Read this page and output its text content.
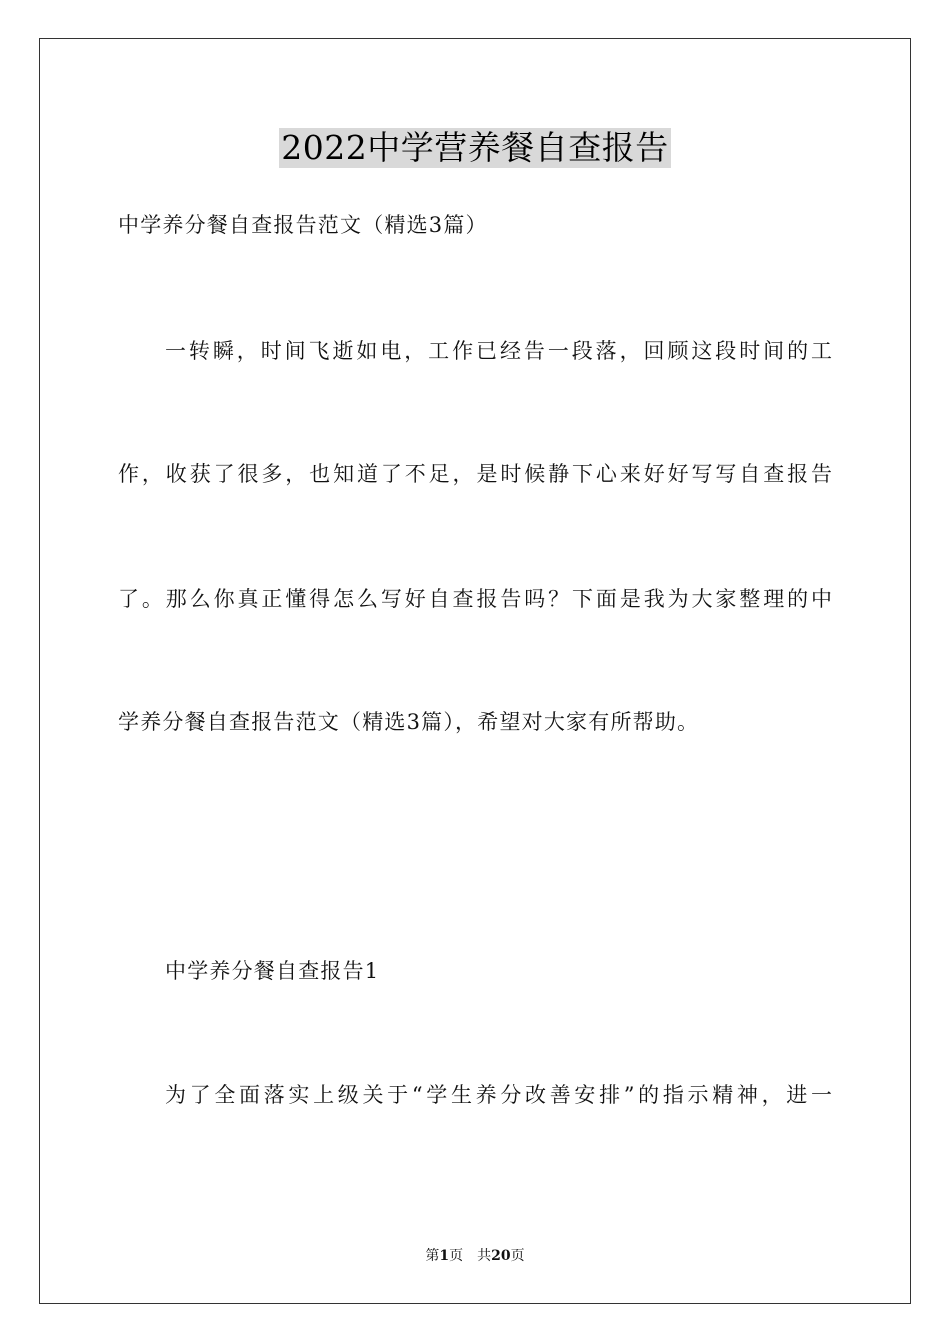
2022中学营养餐自查报告
中学养分餐自查报告范文（精选3篇）
一转瞬，时间飞逝如电，工作已经告一段落，回顾这段时间的工
作，收获了很多，也知道了不足，是时候静下心来好好写写自查报告
了。那么你真正懂得怎么写好自查报告吗？下面是我为大家整理的中
学养分餐自查报告范文（精选3篇），希望对大家有所帮助。
中学养分餐自查报告1
为了全面落实上级关于“学生养分改善安排”的指示精神，进一
第1页　共20页
